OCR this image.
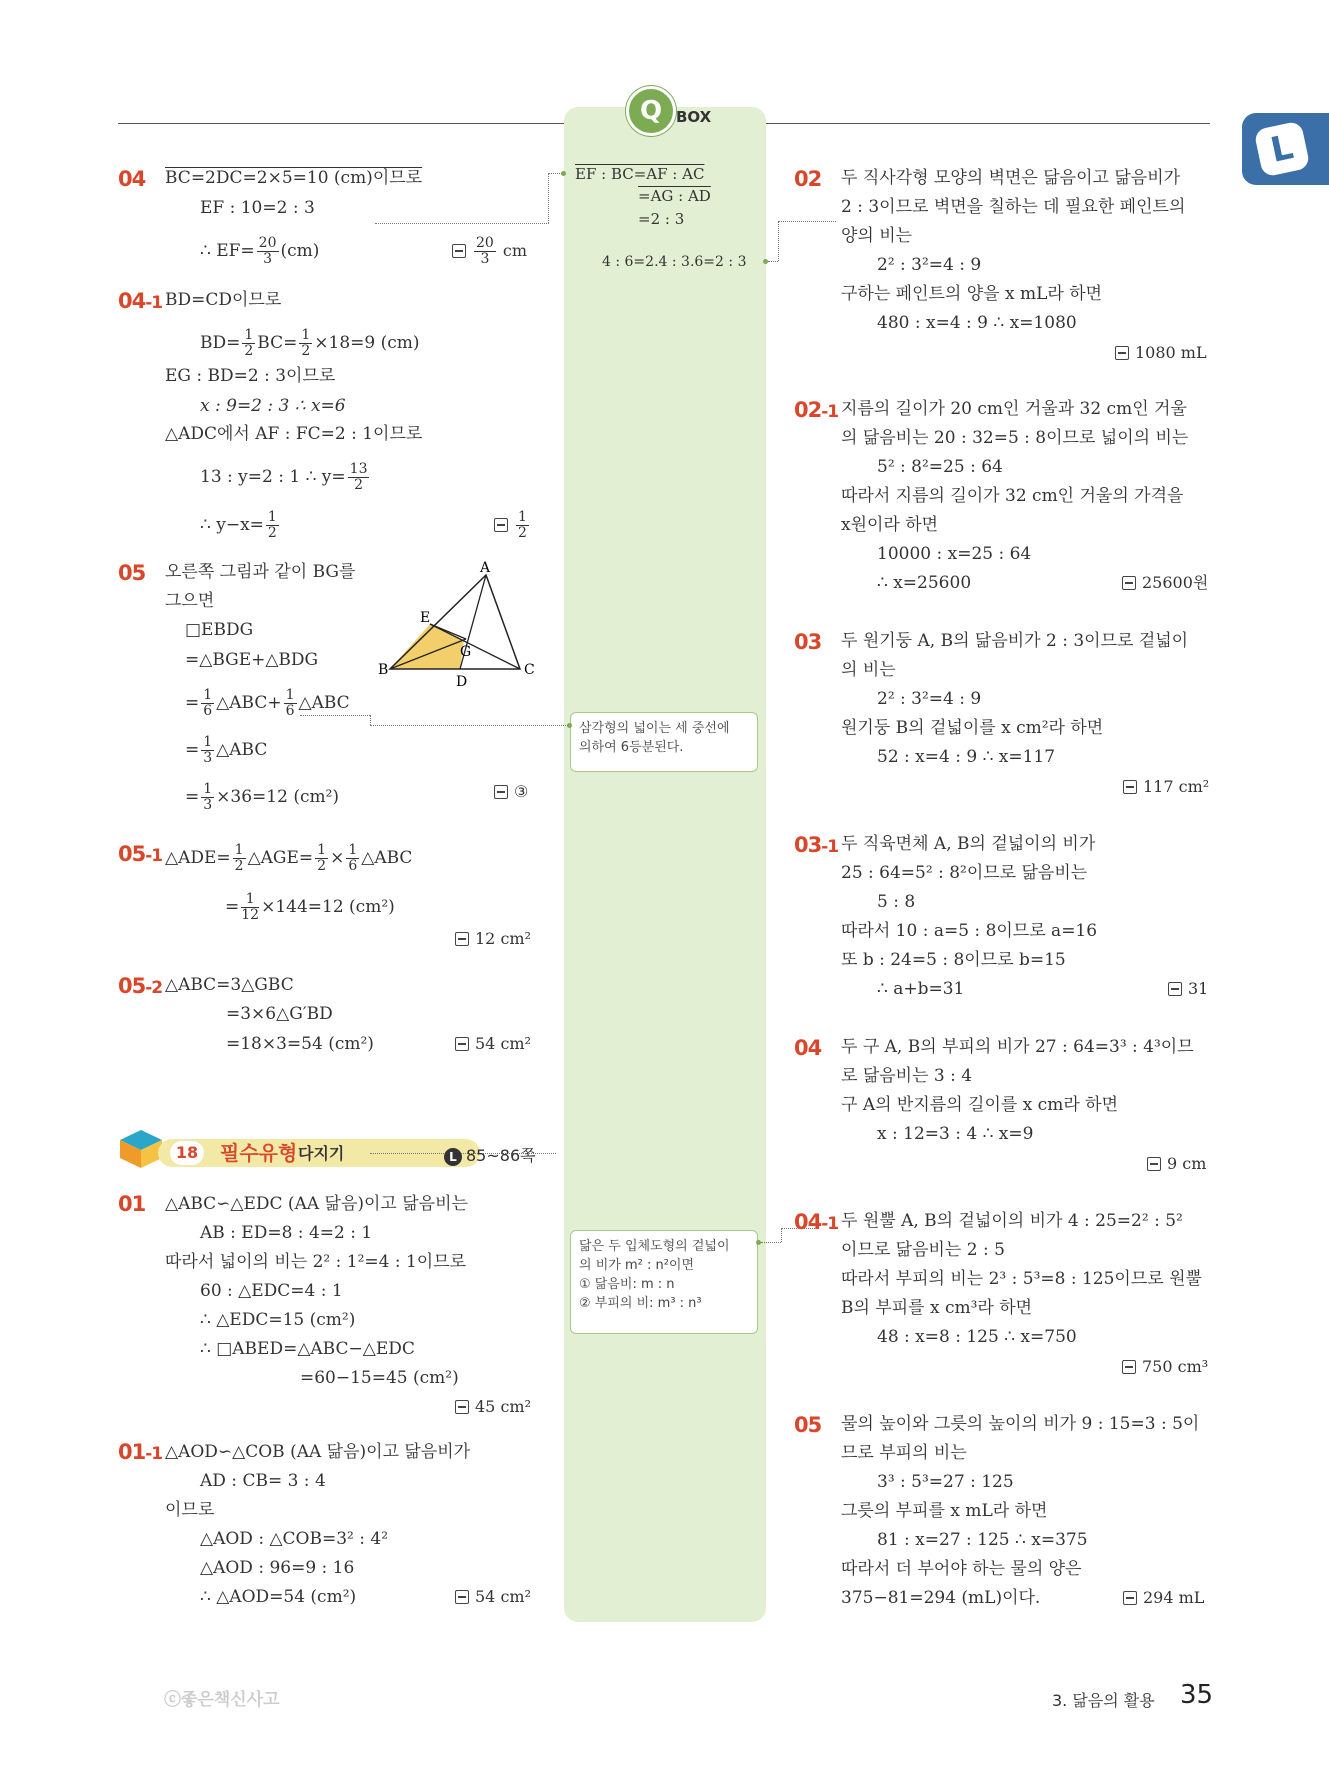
Q BOX
L
04 BC=2DC=2×5=10 (cm)이므로
EF : 10=2 : 3
∴ $EF= \frac{20}{3} (cm)$	$\frac{20}{3}$ cm
04-1 BD=CD이므로
$BD= \frac{1}{2} BC= \frac{1}{2} \times 18=9$ (cm)
EG : BD=2 : 3이므로
x : 9=2 : 3 ∴ x=6
△ADC에서 AF : FC=2 : 1이므로
13 : y=2 : 1 ∴ $y= \frac{13}{2}$
∴ $y-x= \frac{1}{2}$	$\frac{1}{2}$
05 오른쪽 그림과 같이 BG를
그으면
□EBDG
=△BGE+△BDG
= $\frac{1}{6}$ △ABC+ $\frac{1}{6}$ △ABC
= $\frac{1}{3}$ △ABC
= $\frac{1}{3} \times 36=12$ (cm²)	③
A
B	C
D
E
G
05-1 △ADE= $\frac{1}{2}$ △AGE= $\frac{1}{2} \times \frac{1}{6}$ △ABC
= $\frac{1}{12} \times 144=12$ (cm²)
12 cm²
05-2 △ABC=3△GBC
=3×6△G′BD
=18×3=54 (cm²)	54 cm²
18 필수유형 다지기	L 85~86쪽
01 △ABC∽△EDC (AA 닮음)이고 닮음비는
AB : ED=8 : 4=2 : 1
따라서 넓이의 비는 2² : 1²=4 : 1이므로
60 : △EDC=4 : 1
∴ △EDC=15 (cm²)
∴ □ABED=△ABC−△EDC
=60−15=45 (cm²)
45 cm²
01-1 △AOD∽△COB (AA 닮음)이고 닮음비가
AD : CB= 3 : 4
이므로
△AOD : △COB=3² : 4²
△AOD : 96=9 : 16
∴ △AOD=54 (cm²)	54 cm²
EF : BC=AF : AC
=AG : AD
=2 : 3
4 : 6=2.4 : 3.6=2 : 3
삼각형의 넓이는 세 중선에
의하여 6등분된다.
닮은 두 입체도형의 겉넓이
의 비가 m² : n²이면
① 닮음비: m : n
② 부피의 비: m³ : n³
02 두 직사각형 모양의 벽면은 닮음이고 닮음비가
2 : 3이므로 벽면을 칠하는 데 필요한 페인트의
양의 비는
2² : 3²=4 : 9
구하는 페인트의 양을 x mL라 하면
480 : x=4 : 9 ∴ x=1080
1080 mL
02-1 지름의 길이가 20 cm인 거울과 32 cm인 거울
의 닮음비는 20 : 32=5 : 8이므로 넓이의 비는
5² : 8²=25 : 64
따라서 지름의 길이가 32 cm인 거울의 가격을
x원이라 하면
10000 : x=25 : 64
∴ x=25600	25600원
03 두 원기둥 A, B의 닮음비가 2 : 3이므로 겉넓이
의 비는
2² : 3²=4 : 9
원기둥 B의 겉넓이를 x cm²라 하면
52 : x=4 : 9 ∴ x=117
117 cm²
03-1 두 직육면체 A, B의 겉넓이의 비가
25 : 64=5² : 8²이므로 닮음비는
5 : 8
따라서 10 : a=5 : 8이므로 a=16
또 b : 24=5 : 8이므로 b=15
∴ a+b=31	31
04 두 구 A, B의 부피의 비가 27 : 64=3³ : 4³이므
로 닮음비는 3 : 4
구 A의 반지름의 길이를 x cm라 하면
x : 12=3 : 4 ∴ x=9
9 cm
04-1 두 원뿔 A, B의 겉넓이의 비가 4 : 25=2² : 5²
이므로 닮음비는 2 : 5
따라서 부피의 비는 2³ : 5³=8 : 125이므로 원뿔
B의 부피를 x cm³라 하면
48 : x=8 : 125 ∴ x=750
750 cm³
05 물의 높이와 그릇의 높이의 비가 9 : 15=3 : 5이
므로 부피의 비는
3³ : 5³=27 : 125
그릇의 부피를 x mL라 하면
81 : x=27 : 125 ∴ x=375
따라서 더 부어야 하는 물의 양은
375−81=294 (mL)이다.	294 mL
ⓒ좋은책신사고	3. 닮음의 활용 35
